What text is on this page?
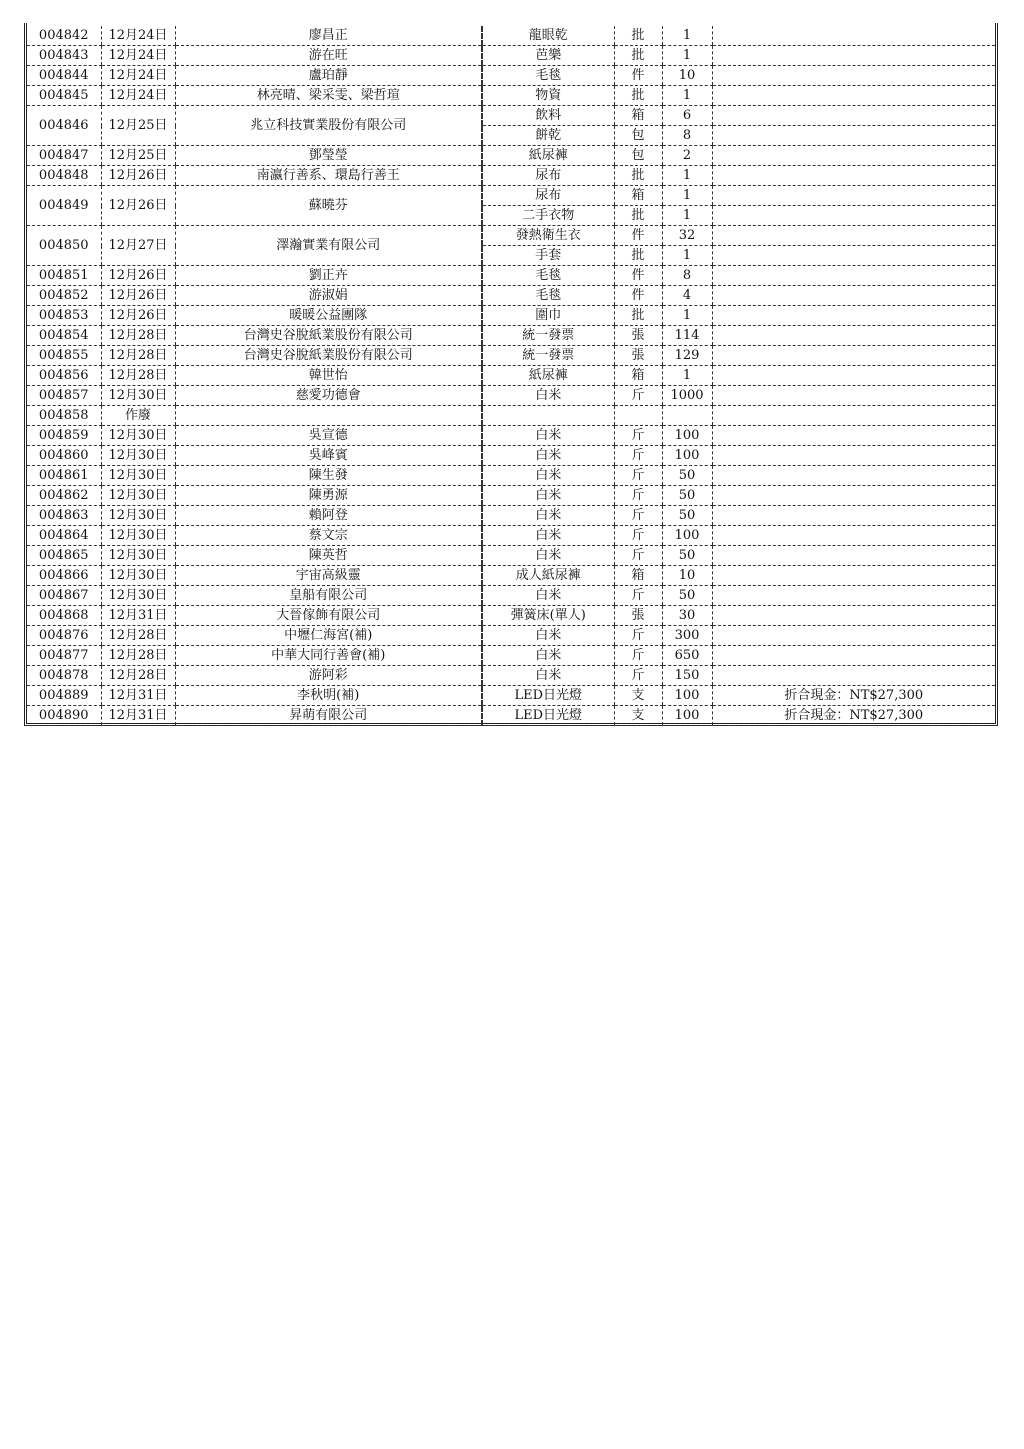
004842	12月24日	廖昌正	龍眼乾	批	1	
004843	12月24日	游在旺	芭樂	批	1	
004844	12月24日	盧珀靜	毛毯	件	10	
004845	12月24日	林亮晴、梁采雯、梁哲瑄	物資	批	1	
004846	12月25日	兆立科技實業股份有限公司	飲料	箱	6	
			餅乾	包	8	
004847	12月25日	鄧瑩瑩	紙尿褲	包	2	
004848	12月26日	南瀛行善系、環島行善王	尿布	批	1	
004849	12月26日	蘇曉芬	尿布	箱	1	
			二手衣物	批	1	
004850	12月27日	澤瀚實業有限公司	發熱衛生衣	件	32	
			手套	批	1	
004851	12月26日	劉正卉	毛毯	件	8	
004852	12月26日	游淑娟	毛毯	件	4	
004853	12月26日	暖暖公益團隊	圍巾	批	1	
004854	12月28日	台灣史谷脫紙業股份有限公司	統一發票	張	114	
004855	12月28日	台灣史谷脫紙業股份有限公司	統一發票	張	129	
004856	12月28日	韓世怡	紙尿褲	箱	1	
004857	12月30日	慈愛功德會	白米	斤	1000	
004858	作廢					
004859	12月30日	吳宣德	白米	斤	100	
004860	12月30日	吳峰賓	白米	斤	100	
004861	12月30日	陳生發	白米	斤	50	
004862	12月30日	陳勇源	白米	斤	50	
004863	12月30日	賴阿登	白米	斤	50	
004864	12月30日	蔡文宗	白米	斤	100	
004865	12月30日	陳英哲	白米	斤	50	
004866	12月30日	宇宙高級靈	成人紙尿褲	箱	10	
004867	12月30日	皇船有限公司	白米	斤	50	
004868	12月31日	大晉傢飾有限公司	彈簧床(單人)	張	30	
004876	12月28日	中壢仁海宮(補)	白米	斤	300	
004877	12月28日	中華大同行善會(補)	白米	斤	650	
004878	12月28日	游阿彩	白米	斤	150	
004889	12月31日	李秋明(補)	LED日光燈	支	100	折合現金：NT$27,300
004890	12月31日	昇萌有限公司	LED日光燈	支	100	折合現金：NT$27,300
